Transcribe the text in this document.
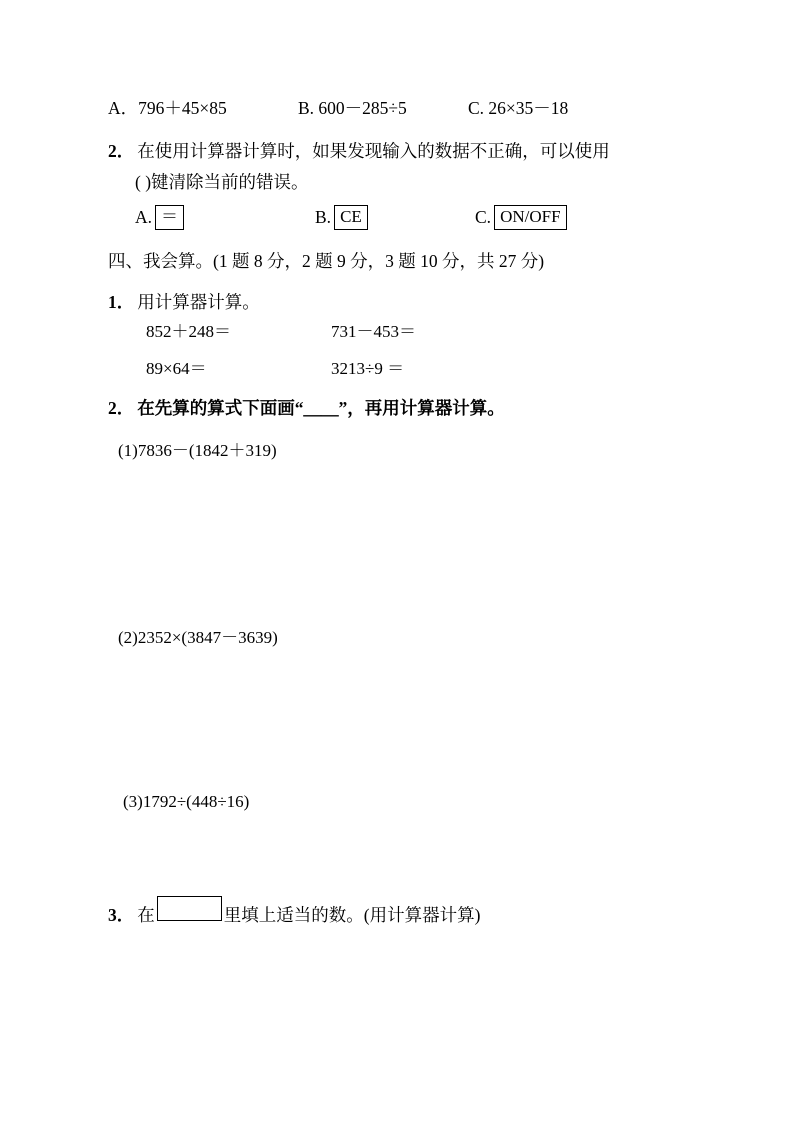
A．796＋45×85	B. 600－285÷5	C. 26×35－18
2． 在使用计算器计算时，如果发现输入的数据不正确，可以使用
( )键清除当前的错误。
A. ＝	B. CE	C. ON/OFF
四、我会算。(1 题 8 分，2 题 9 分，3 题 10 分，共 27 分)
1． 用计算器计算。
852＋248＝	731－453＝
89×64＝	3213÷9 ＝
2． 在先算的算式下面画“＿＿”，再用计算器计算。
(1)7836－(1842＋319)
(2)2352×(3847－3639)
(3)1792÷(448÷16)
3． 在	里填上适当的数。(用计算器计算)
